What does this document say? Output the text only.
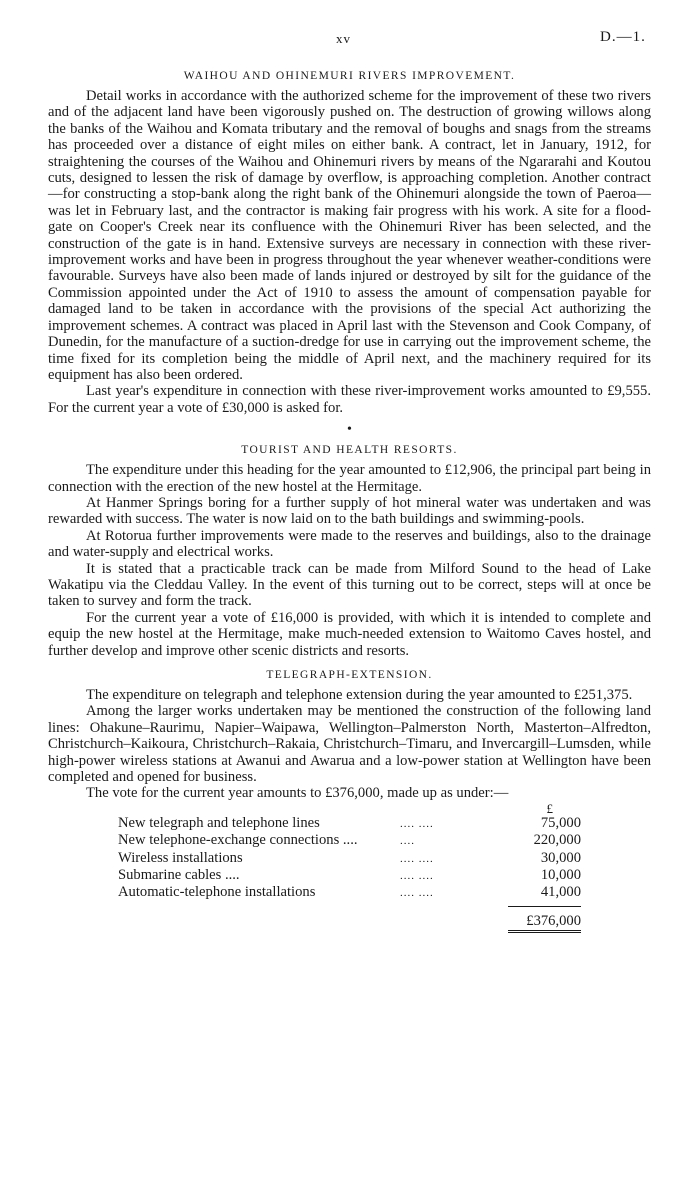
xv	D.—1.
WAIHOU AND OHINEMURI RIVERS IMPROVEMENT.

Detail works in accordance with the authorized scheme for the improvement of these two rivers and of the adjacent land have been vigorously pushed on. The destruction of growing willows along the banks of the Waihou and Komata tributary and the removal of boughs and snags from the streams has proceeded over a distance of eight miles on either bank. A contract, let in January, 1912, for straightening the courses of the Waihou and Ohinemuri rivers by means of the Ngararahi and Koutou cuts, designed to lessen the risk of damage by overflow, is approaching completion. Another contract—for constructing a stop-bank along the right bank of the Ohinemuri alongside the town of Paeroa—was let in February last, and the contractor is making fair progress with his work. A site for a flood-gate on Cooper's Creek near its confluence with the Ohinemuri River has been selected, and the construction of the gate is in hand. Extensive surveys are necessary in connection with these river-improvement works and have been in progress throughout the year whenever weather-conditions were favourable. Surveys have also been made of lands injured or destroyed by silt for the guidance of the Commission appointed under the Act of 1910 to assess the amount of compensation payable for damaged land to be taken in accordance with the provisions of the special Act authorizing the improvement schemes. A contract was placed in April last with the Stevenson and Cook Company, of Dunedin, for the manufacture of a suction-dredge for use in carrying out the improvement scheme, the time fixed for its completion being the middle of April next, and the machinery required for its equipment has also been ordered.

Last year's expenditure in connection with these river-improvement works amounted to £9,555. For the current year a vote of £30,000 is asked for.

•
TOURIST AND HEALTH RESORTS.

The expenditure under this heading for the year amounted to £12,906, the principal part being in connection with the erection of the new hostel at the Hermitage.

At Hanmer Springs boring for a further supply of hot mineral water was undertaken and was rewarded with success. The water is now laid on to the bath buildings and swimming-pools.

At Rotorua further improvements were made to the reserves and buildings, also to the drainage and water-supply and electrical works.

It is stated that a practicable track can be made from Milford Sound to the head of Lake Wakatipu via the Cleddau Valley. In the event of this turning out to be correct, steps will at once be taken to survey and form the track.

For the current year a vote of £16,000 is provided, with which it is intended to complete and equip the new hostel at the Hermitage, make much-needed extension to Waitomo Caves hostel, and further develop and improve other scenic districts and resorts.

TELEGRAPH-EXTENSION.

The expenditure on telegraph and telephone extension during the year amounted to £251,375.

Among the larger works undertaken may be mentioned the construction of the following land lines: Ohakune–Raurimu, Napier–Waipawa, Wellington–Palmerston North, Masterton–Alfredton, Christchurch–Kaikoura, Christchurch–Rakaia, Christchurch–Timaru, and Invercargill–Lumsden, while high-power wireless stations at Awanui and Awarua and a low-power station at Wellington have been completed and opened for business.

The vote for the current year amounts to £376,000, made up as under:—

£
New telegraph and telephone lines	.... ....	75,000
New telephone-exchange connections ....	....	220,000
Wireless installations	.... ....	30,000
Submarine cables ....	.... ....	10,000
Automatic-telephone installations	.... ....	41,000
£376,000
